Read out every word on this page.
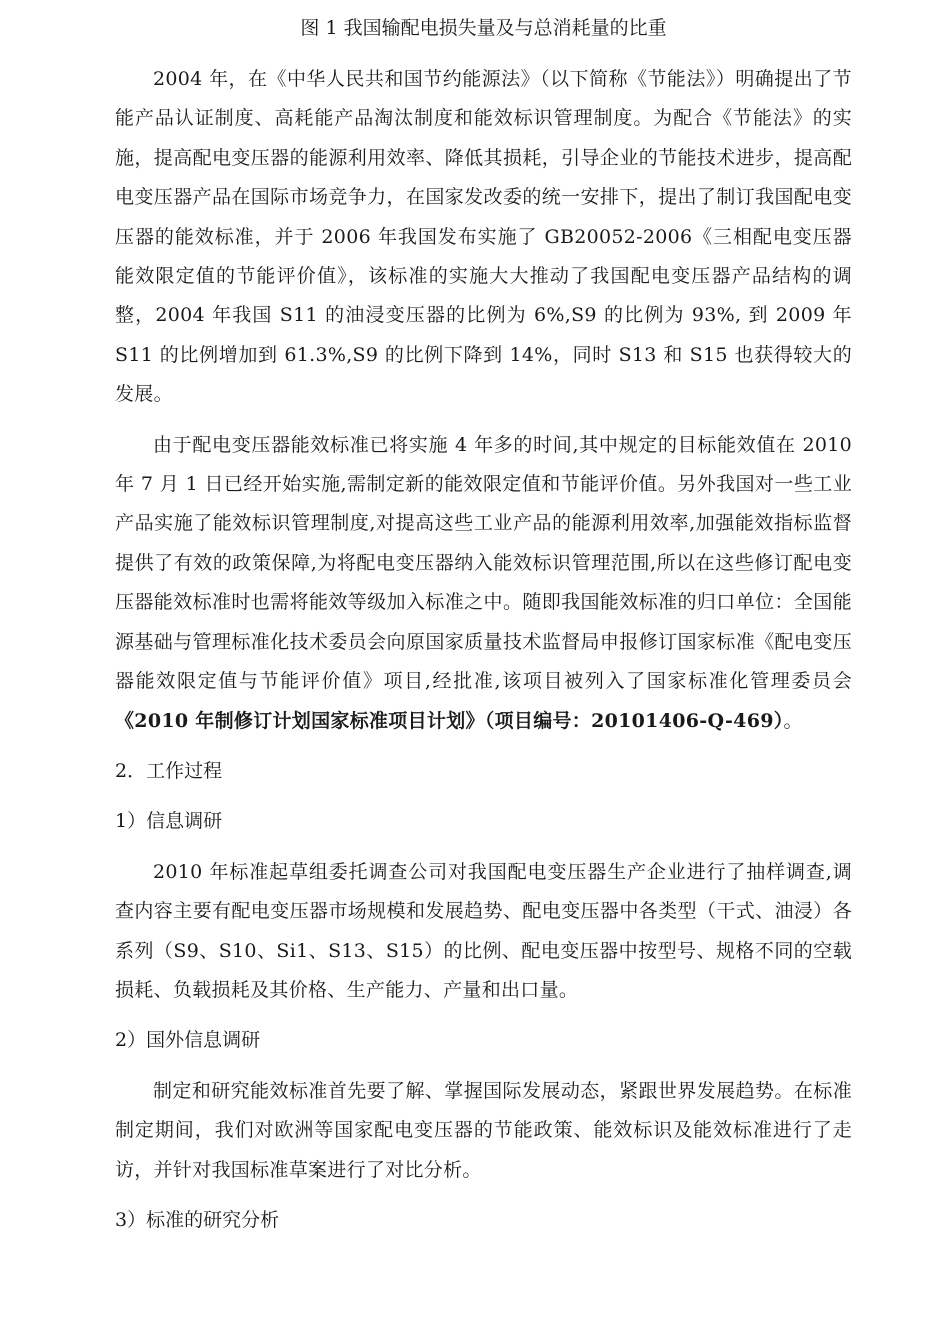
图 1 我国输配电损失量及与总消耗量的比重

2004 年，在《中华人民共和国节约能源法》（以下简称《节能法》）明确提出了节能产品认证制度、高耗能产品淘汰制度和能效标识管理制度。为配合《节能法》的实施，提高配电变压器的能源利用效率、降低其损耗，引导企业的节能技术进步，提高配电变压器产品在国际市场竞争力，在国家发改委的统一安排下，提出了制订我国配电变压器的能效标准，并于 2006 年我国发布实施了 GB20052-2006《三相配电变压器能效限定值的节能评价值》，该标准的实施大大推动了我国配电变压器产品结构的调整，2004 年我国 S11 的油浸变压器的比例为 6%,S9 的比例为 93%, 到 2009 年 S11 的比例增加到 61.3%,S9 的比例下降到 14%，同时 S13 和 S15 也获得较大的发展。

由于配电变压器能效标准已将实施 4 年多的时间,其中规定的目标能效值在 2010 年 7 月 1 日已经开始实施,需制定新的能效限定值和节能评价值。另外我国对一些工业产品实施了能效标识管理制度,对提高这些工业产品的能源利用效率,加强能效指标监督提供了有效的政策保障,为将配电变压器纳入能效标识管理范围,所以在这些修订配电变压器能效标准时也需将能效等级加入标准之中。随即我国能效标准的归口单位：全国能源基础与管理标准化技术委员会向原国家质量技术监督局申报修订国家标准《配电变压器能效限定值与节能评价值》项目,经批准,该项目被列入了国家标准化管理委员会《2010 年制修订计划国家标准项目计划》（项目编号：20101406-Q-469）。

2．工作过程
1）信息调研

2010 年标准起草组委托调查公司对我国配电变压器生产企业进行了抽样调查,调查内容主要有配电变压器市场规模和发展趋势、配电变压器中各类型（干式、油浸）各系列（S9、S10、Si1、S13、S15）的比例、配电变压器中按型号、规格不同的空载损耗、负载损耗及其价格、生产能力、产量和出口量。

2）国外信息调研

制定和研究能效标准首先要了解、掌握国际发展动态，紧跟世界发展趋势。在标准制定期间，我们对欧洲等国家配电变压器的节能政策、能效标识及能效标准进行了走访，并针对我国标准草案进行了对比分析。

3）标准的研究分析
